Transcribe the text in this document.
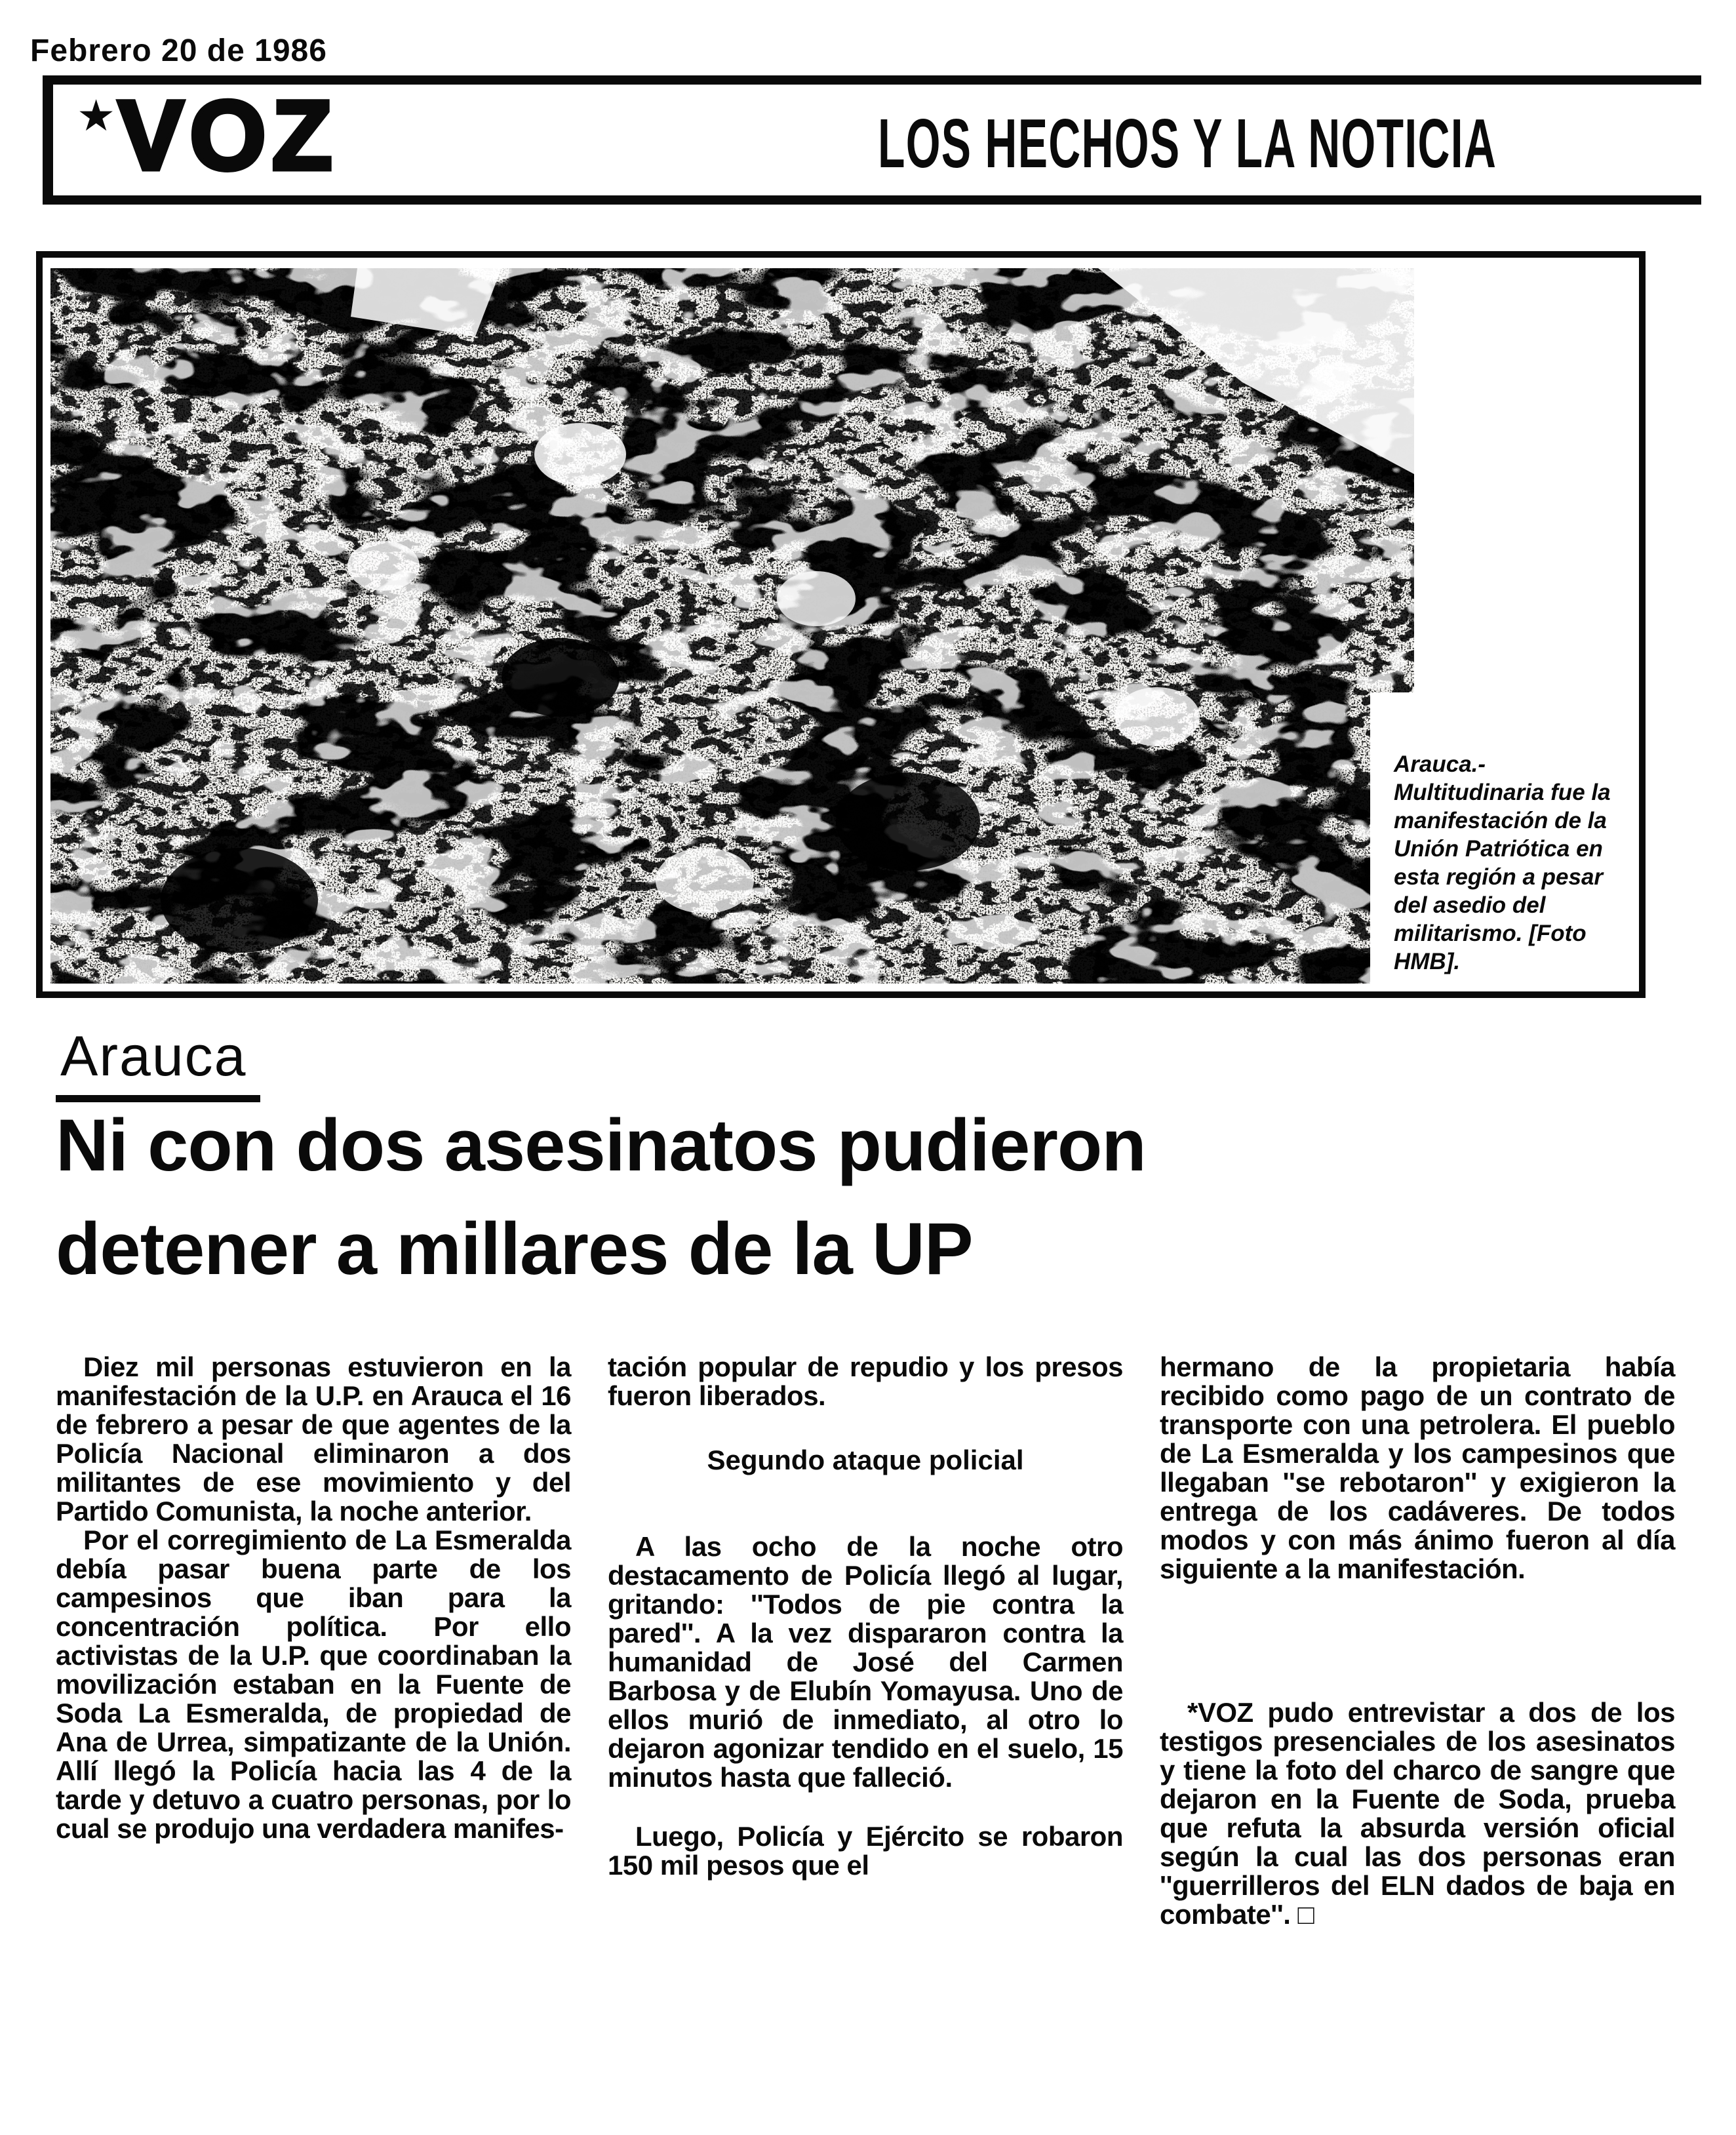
Febrero 20 de 1986
★ VOZ	LOS HECHOS Y LA NOTICIA
Arauca.- Multitudinaria fue la manifestación de la Unión Patriótica en esta región a pesar del asedio del militarismo. [Foto HMB].
Arauca
Ni con dos asesinatos pudieron
detener a millares de la UP
Diez mil personas estuvieron en la manifestación de la U.P. en Arauca el 16 de febrero a pesar de que agentes de la Policía Nacional eliminaron a dos militantes de ese movimiento y del Partido Comunista, la noche anterior.
Por el corregimiento de La Esmeralda debía pasar buena parte de los campesinos que iban para la concentración política. Por ello activistas de la U.P. que coordinaban la movilización estaban en la Fuente de Soda La Esmeralda, de propiedad de Ana de Urrea, simpatizante de la Unión. Allí llegó la Policía hacia las 4 de la tarde y detuvo a cuatro personas, por lo cual se produjo una verdadera manifes-
tación popular de repudio y los presos fueron liberados.
Segundo ataque policial
A las ocho de la noche otro destacamento de Policía llegó al lugar, gritando: ''Todos de pie contra la pared''. A la vez dispararon contra la humanidad de José del Carmen Barbosa y de Elubín Yomayusa. Uno de ellos murió de inmediato, al otro lo dejaron agonizar tendido en el suelo, 15 minutos hasta que falleció.
Luego, Policía y Ejército se robaron 150 mil pesos que el
hermano de la propietaria había recibido como pago de un contrato de transporte con una petrolera. El pueblo de La Esmeralda y los campesinos que llegaban ''se rebotaron'' y exigieron la entrega de los cadáveres. De todos modos y con más ánimo fueron al día siguiente a la manifestación.
*VOZ pudo entrevistar a dos de los testigos presenciales de los asesinatos y tiene la foto del charco de sangre que dejaron en la Fuente de Soda, prueba que refuta la absurda versión oficial según la cual las dos personas eran ''guerrilleros del ELN dados de baja en combate''. □
